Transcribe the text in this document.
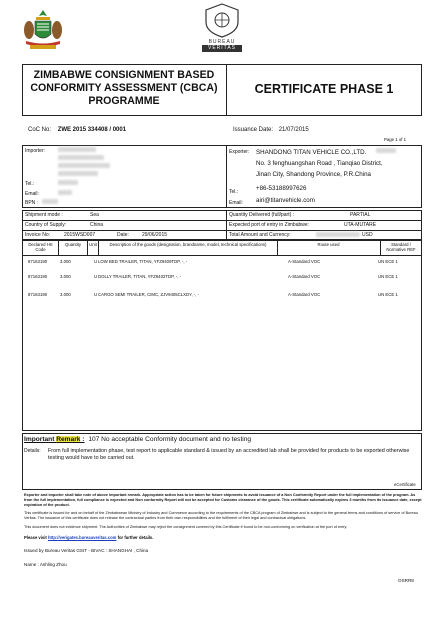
BUREAU
VERITAS
ZIMBABWE CONSIGNMENT BASED
CONFORMITY ASSESSMENT (CBCA)
PROGRAMME
CERTIFICATE PHASE 1
CoC No: ZWE 2015 334408 / 0001	Issuance Date: 21/07/2015
Page 1 of 1
Importer:
Tel.:
Email:
BPN :
Exporter: SHANDONG TITAN VEHICLE CO.,LTD.
No. 3 fenghuangshan Road , Tianqiao District,
Jinan City, Shandong Province, P.R.China
Tel.:	+86-53188997626
Email: airi@titanvehicle.com
Shipment mode :	Sea
Country of Supply:	China
Invoice No:	2015WSD007	Date:	29/06/2015
Quantity Delivered (full/part) :	PARTIAL
Expected port of entry in Zimbabwe:	UTA-MUTARE
Total Amount and Currency:	USD
Declared HS Code
Quantity	Unit	Description of the goods (designation, brandname, model, technical specifications)	Route used	Standard / Normative REF
87163190	3.000	U LOW BED TRAILER, TITAN, YFZ9409TDP, -, -	A-Standard VOC	UN ECE 1
87163190	3.000	U DOLLY TRAILER, TITAN, YFZ9402TDP, -, -	A-Standard VOC	UN ECE 1
87163190	3.000	U CARGO SEMI TRAILER, CIMC, ZJV9405CLXDY, -, -	A-Standard VOC	UN ECE 1
Important Remark : 107 No acceptable Conformity document and no testing
Details: From full implementation phase, test report to applicable standard & issued by an accredited lab shall be provided for products to be exported otherwise testing would have to be carried out.
eCertificate
Exporter and importer shall take note of above important remark. Appropriate action has to be taken for future shipments to avoid issuance of a Non Conformity Report under the full implementation of the program. As from the full implementation, full compliance is expected and Non conformity Report will not be accepted for Customs clearance of the goods. This certificate automatically expires 3 months from its issuance date, except expiration of the product.
This certificate is issued for and on behalf of the Zimbabwean Ministry of Industry and Commerce according to the requirements of the CBCA program of Zimbabwe and is subject to the general terms and conditions of service of Bureau Veritas. The issuance of this certificate does not release the contractual parties from their own responsibilities and the fulfilment of their legal and contractual obligations.
This document does not evidence shipment. The Authorities of Zimbabwe may reject the consignment covered by this Certificate if found to be non-conforming on verification at the port of entry.
Please visit http://verigates.bureauveritas.com for further details.
Issued by Bureau Veritas GSIT - BIVAC : SHANGHAI , China
Name : Ashling Zhou
OSRR8
